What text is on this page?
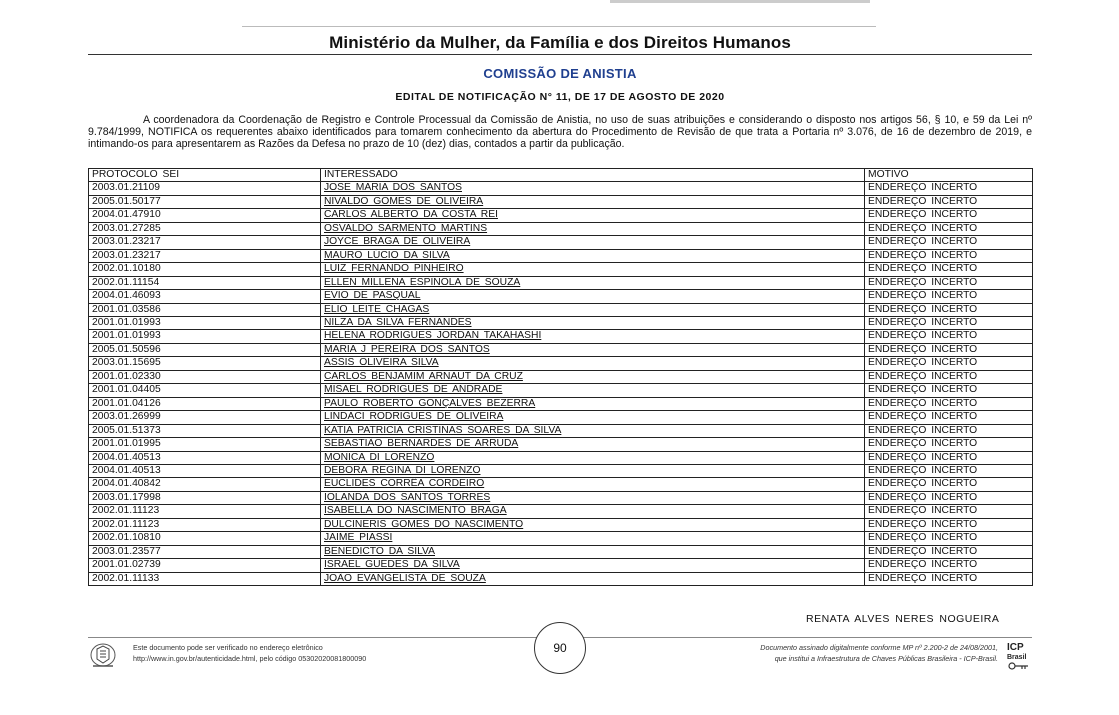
Ministério da Mulher, da Família e dos Direitos Humanos
COMISSÃO DE ANISTIA
EDITAL DE NOTIFICAÇÃO N° 11, DE 17 DE AGOSTO DE 2020
A coordenadora da Coordenação de Registro e Controle Processual da Comissão de Anistia, no uso de suas atribuições e considerando o disposto nos artigos 56, § 10, e 59 da Lei nº 9.784/1999, NOTIFICA os requerentes abaixo identificados para tomarem conhecimento da abertura do Procedimento de Revisão de que trata a Portaria nº 3.076, de 16 de dezembro de 2019, e intimando-os para apresentarem as Razões da Defesa no prazo de 10 (dez) dias, contados a partir da publicação.
PROTOCOLO SEI	INTERESSADO	MOTIVO
2003.01.21109	JOSE MARIA DOS SANTOS	ENDEREÇO INCERTO
2005.01.50177	NIVALDO GOMES DE OLIVEIRA	ENDEREÇO INCERTO
2004.01.47910	CARLOS ALBERTO DA COSTA REI	ENDEREÇO INCERTO
2003.01.27285	OSVALDO SARMENTO MARTINS	ENDEREÇO INCERTO
2003.01.23217	JOYCE BRAGA DE OLIVEIRA	ENDEREÇO INCERTO
2003.01.23217	MAURO LÚCIO DA SILVA	ENDEREÇO INCERTO
2002.01.10180	LUIZ FERNANDO PINHEIRO	ENDEREÇO INCERTO
2002.01.11154	ELLEN MILLENA ESPINOLA DE SOUZA	ENDEREÇO INCERTO
2004.01.46093	EVIO DE PASQUAL	ENDEREÇO INCERTO
2001.01.03586	ELIO LEITE CHAGAS	ENDEREÇO INCERTO
2001.01.01993	NILZA DA SILVA FERNANDES	ENDEREÇO INCERTO
2001.01.01993	HELENA RODRIGUES JORDAN TAKAHASHI	ENDEREÇO INCERTO
2005.01.50596	MARIA J PEREIRA DOS SANTOS	ENDEREÇO INCERTO
2003.01.15695	ASSIS OLIVEIRA SILVA	ENDEREÇO INCERTO
2001.01.02330	CARLOS BENJAMIM ARNAUT DA CRUZ	ENDEREÇO INCERTO
2001.01.04405	MISAEL RODRIGUES DE ANDRADE	ENDEREÇO INCERTO
2001.01.04126	PAULO ROBERTO GONÇALVES BEZERRA	ENDEREÇO INCERTO
2003.01.26999	LINDACI RODRIGUES DE OLIVEIRA	ENDEREÇO INCERTO
2005.01.51373	KATIA PATRICIA CRISTINAS SOARES DA SILVA	ENDEREÇO INCERTO
2001.01.01995	SEBASTIÃO BERNARDES DE ARRUDA	ENDEREÇO INCERTO
2004.01.40513	MONICA DI LORENZO	ENDEREÇO INCERTO
2004.01.40513	DEBORA REGINA DI LORENZO	ENDEREÇO INCERTO
2004.01.40842	EUCLIDES CORRÊA CORDEIRO	ENDEREÇO INCERTO
2003.01.17998	IOLANDA DOS SANTOS TORRES	ENDEREÇO INCERTO
2002.01.11123	ISABELLA DO NASCIMENTO BRAGA	ENDEREÇO INCERTO
2002.01.11123	DULCINERIS GOMES DO NASCIMENTO	ENDEREÇO INCERTO
2002.01.10810	JAIME PIASSI	ENDEREÇO INCERTO
2003.01.23577	BENEDICTO DA SILVA	ENDEREÇO INCERTO
2001.01.02739	ISRAEL GUEDES DA SILVA	ENDEREÇO INCERTO
2002.01.11133	JOÃO EVANGELISTA DE SOUZA	ENDEREÇO INCERTO
RENATA ALVES NERES NOGUEIRA
Este documento pode ser verificado no endereço eletrônico
http://www.in.gov.br/autenticidade.html, pelo código 05302020081800090
90	Documento assinado digitalmente conforme MP nº 2.200-2 de 24/08/2001,
que institui a Infraestrutura de Chaves Públicas Brasileira - ICP-Brasil.
ICP
Brasil
